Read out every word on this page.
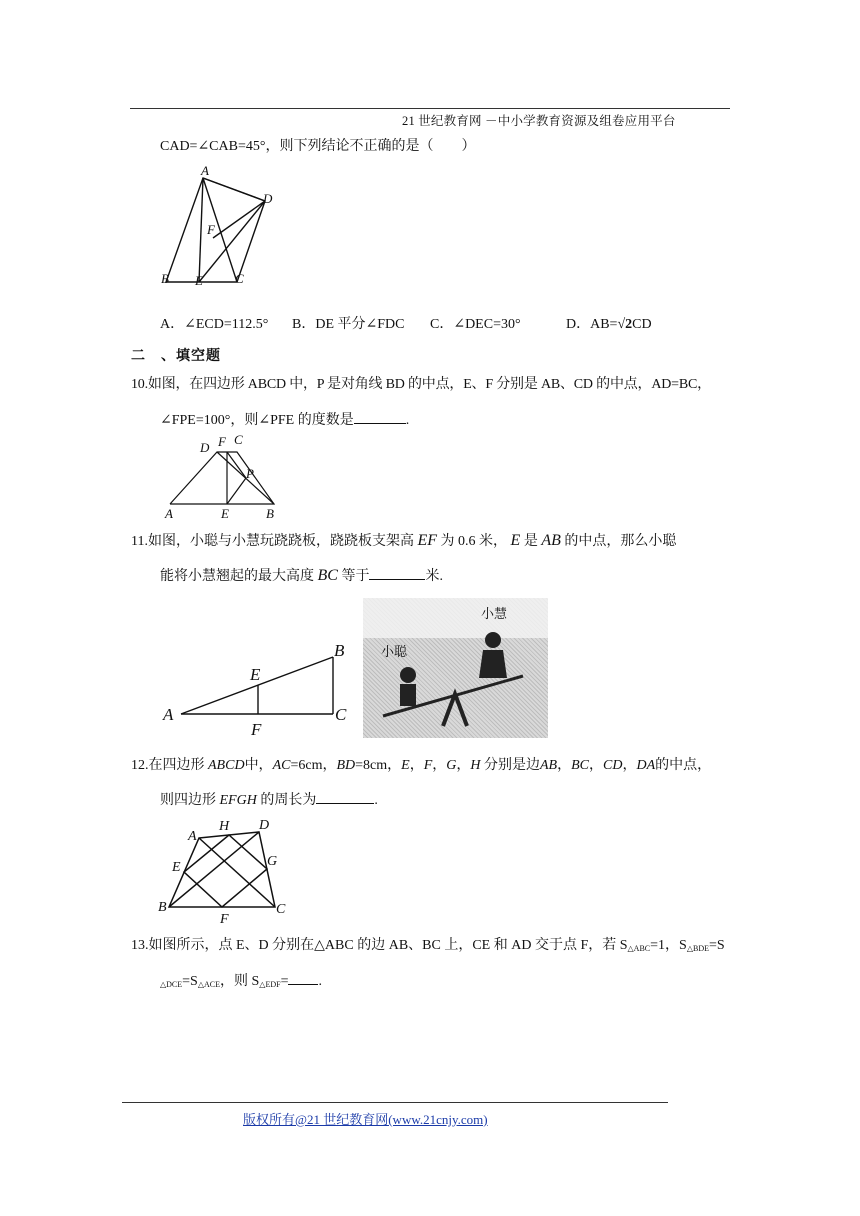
21 世纪教育网 －中小学教育资源及组卷应用平台
CAD=∠CAB=45°，则下列结论不正确的是（　　）
A
D
F
B E C
A．∠ECD=112.5° B．DE 平分∠FDC C．∠DEC=30°	D．AB=√2CD
二　、填空题
10.如图，在四边形 ABCD 中，P 是对角线 BD 的中点，E、F 分别是 AB、CD 的中点，AD=BC，
∠FPE=100°，则∠PFE 的度数是	.
D F C
P
A	E	B
11.如图，小聪与小慧玩跷跷板，跷跷板支架高 EF 为 0.6 米， E 是 AB 的中点，那么小聪
能将小慧翘起的最大高度 BC 等于	米.
B
E
A
F
C
小聪
小慧
12.在四边形 ABCD中，AC=6cm，BD=8cm，E，F，G，H 分别是边AB，BC，CD，DA的中点，
则四边形 EFGH 的周长为	.
H
A
D
E	G
B	C
F
13.如图所示，点 E、D 分别在△ABC 的边 AB、BC 上，CE 和 AD 交于点 F，若 $S_{\triangle ABC}=1$，$S_{\triangle BDE}=S$
$_{\triangle DCE}=S_{\triangle ACE}$，则 $S_{\triangle EDF}=$ .
版权所有@21 世纪教育网(www.21cnjy.com)
